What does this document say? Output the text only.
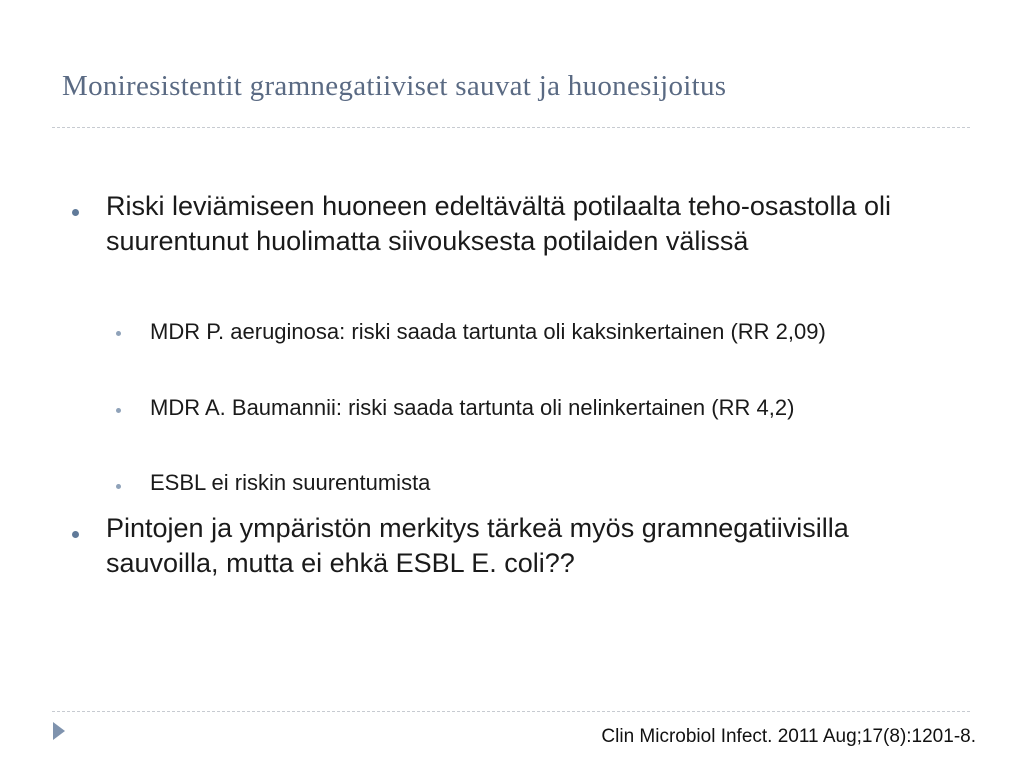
Moniresistentit gramnegatiiviset sauvat ja huonesijoitus
Riski leviämiseen huoneen edeltävältä potilaalta teho-osastolla oli suurentunut huolimatta siivouksesta potilaiden välissä
MDR P. aeruginosa: riski saada tartunta oli kaksinkertainen (RR 2,09)
MDR A. Baumannii: riski saada tartunta oli nelinkertainen (RR 4,2)
ESBL ei riskin suurentumista
Pintojen ja ympäristön merkitys tärkeä myös gramnegatiivisilla sauvoilla, mutta ei ehkä ESBL E. coli??
Clin Microbiol Infect. 2011 Aug;17(8):1201-8.
